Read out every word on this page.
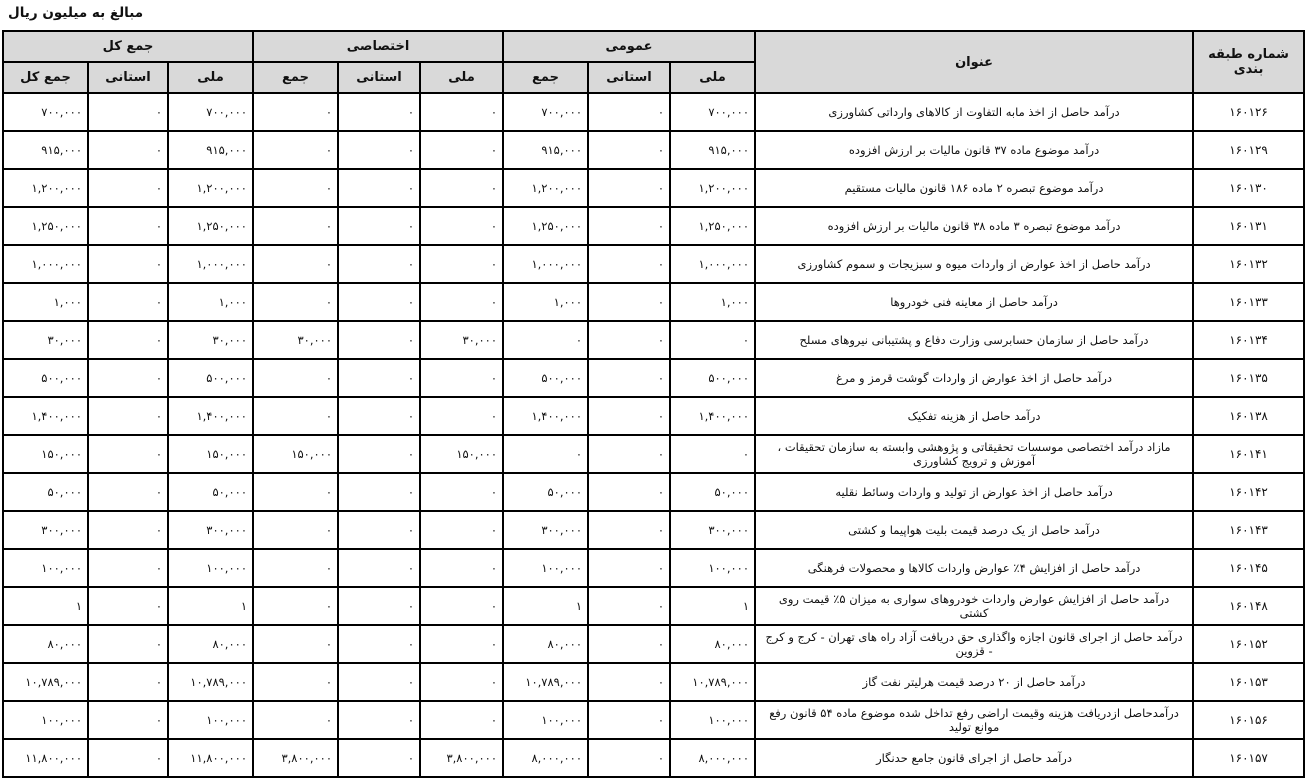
مبالغ به میلیون ریال
شماره طبقه بندی	عنوان	عمومی			اختصاصی			جمع کل		
		ملی	استانی	جمع	ملی	استانی	جمع	ملی	استانی	جمع کل
۱۶۰۱۲۶	درآمد حاصل از اخذ مابه التفاوت از کالاهای وارداتی کشاورزی	۷۰۰,۰۰۰	۰	۷۰۰,۰۰۰	۰	۰	۰	۷۰۰,۰۰۰	۰	۷۰۰,۰۰۰
۱۶۰۱۲۹	درآمد موضوع ماده ۳۷ قانون مالیات بر ارزش افزوده	۹۱۵,۰۰۰	۰	۹۱۵,۰۰۰	۰	۰	۰	۹۱۵,۰۰۰	۰	۹۱۵,۰۰۰
۱۶۰۱۳۰	درآمد موضوع تبصره ۲ ماده ۱۸۶ قانون مالیات مستقیم	۱,۲۰۰,۰۰۰	۰	۱,۲۰۰,۰۰۰	۰	۰	۰	۱,۲۰۰,۰۰۰	۰	۱,۲۰۰,۰۰۰
۱۶۰۱۳۱	درآمد موضوع تبصره ۳ ماده ۳۸ قانون مالیات بر ارزش افزوده	۱,۲۵۰,۰۰۰	۰	۱,۲۵۰,۰۰۰	۰	۰	۰	۱,۲۵۰,۰۰۰	۰	۱,۲۵۰,۰۰۰
۱۶۰۱۳۲	درآمد حاصل از اخذ عوارض از واردات میوه و سبزیجات و سموم کشاورزی	۱,۰۰۰,۰۰۰	۰	۱,۰۰۰,۰۰۰	۰	۰	۰	۱,۰۰۰,۰۰۰	۰	۱,۰۰۰,۰۰۰
۱۶۰۱۳۳	درآمد حاصل از معاینه فنی خودروها	۱,۰۰۰	۰	۱,۰۰۰	۰	۰	۰	۱,۰۰۰	۰	۱,۰۰۰
۱۶۰۱۳۴	درآمد حاصل از سازمان حسابرسی وزارت دفاع و پشتیبانی نیروهای مسلح	۰	۰	۰	۳۰,۰۰۰	۰	۳۰,۰۰۰	۳۰,۰۰۰	۰	۳۰,۰۰۰
۱۶۰۱۳۵	درآمد حاصل از اخذ عوارض از واردات گوشت قرمز و مرغ	۵۰۰,۰۰۰	۰	۵۰۰,۰۰۰	۰	۰	۰	۵۰۰,۰۰۰	۰	۵۰۰,۰۰۰
۱۶۰۱۳۸	درآمد حاصل از هزینه تفکیک	۱,۴۰۰,۰۰۰	۰	۱,۴۰۰,۰۰۰	۰	۰	۰	۱,۴۰۰,۰۰۰	۰	۱,۴۰۰,۰۰۰
۱۶۰۱۴۱	مازاد درآمد اختصاصی موسسات تحقیقاتی و پژوهشی وابسته به سازمان تحقیقات ، آموزش و ترویج کشاورزی	۰	۰	۰	۱۵۰,۰۰۰	۰	۱۵۰,۰۰۰	۱۵۰,۰۰۰	۰	۱۵۰,۰۰۰
۱۶۰۱۴۲	درآمد حاصل از اخذ عوارض از تولید و واردات وسائط نقلیه	۵۰,۰۰۰	۰	۵۰,۰۰۰	۰	۰	۰	۵۰,۰۰۰	۰	۵۰,۰۰۰
۱۶۰۱۴۳	درآمد حاصل از یک درصد قیمت بلیت هواپیما و کشتی	۳۰۰,۰۰۰	۰	۳۰۰,۰۰۰	۰	۰	۰	۳۰۰,۰۰۰	۰	۳۰۰,۰۰۰
۱۶۰۱۴۵	درآمد حاصل از افزایش ۴٪ عوارض واردات کالاها و محصولات فرهنگی	۱۰۰,۰۰۰	۰	۱۰۰,۰۰۰	۰	۰	۰	۱۰۰,۰۰۰	۰	۱۰۰,۰۰۰
۱۶۰۱۴۸	درآمد حاصل از افزایش عوارض واردات خودروهای سواری به میزان ۵٪ قیمت روی کشتی	۱	۰	۱	۰	۰	۰	۱	۰	۱
۱۶۰۱۵۲	درآمد حاصل از اجرای قانون اجازه واگذاری حق دریافت آزاد راه های تهران - کرج و کرج - قزوین	۸۰,۰۰۰	۰	۸۰,۰۰۰	۰	۰	۰	۸۰,۰۰۰	۰	۸۰,۰۰۰
۱۶۰۱۵۳	درآمد حاصل از ۲۰ درصد قیمت هرلیتر نفت گاز	۱۰,۷۸۹,۰۰۰	۰	۱۰,۷۸۹,۰۰۰	۰	۰	۰	۱۰,۷۸۹,۰۰۰	۰	۱۰,۷۸۹,۰۰۰
۱۶۰۱۵۶	درآمدحاصل ازدریافت هزینه وقیمت اراضی رفع تداخل شده موضوع ماده ۵۴ قانون رفع موانع تولید	۱۰۰,۰۰۰	۰	۱۰۰,۰۰۰	۰	۰	۰	۱۰۰,۰۰۰	۰	۱۰۰,۰۰۰
۱۶۰۱۵۷	درآمد حاصل از اجرای قانون جامع حدنگار	۸,۰۰۰,۰۰۰	۰	۸,۰۰۰,۰۰۰	۳,۸۰۰,۰۰۰	۰	۳,۸۰۰,۰۰۰	۱۱,۸۰۰,۰۰۰	۰	۱۱,۸۰۰,۰۰۰
